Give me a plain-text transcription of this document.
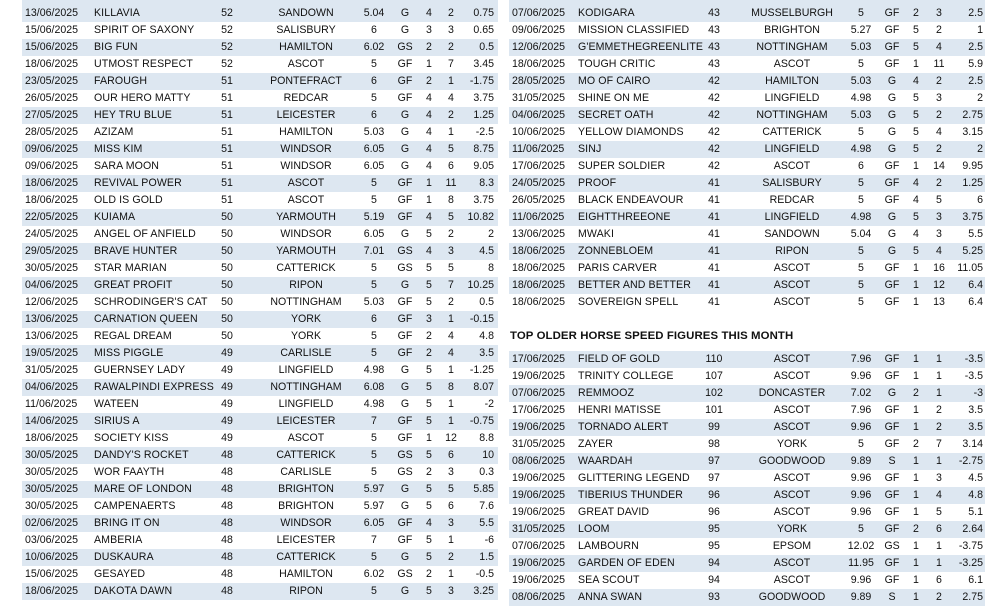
13/06/2025 KILLAVIA	52	SANDOWN	5.04	G	4	2	0.75
15/06/2025 SPIRIT OF SAXONY	52	SALISBURY	6	G	3	3	0.65
15/06/2025 BIG FUN	52	HAMILTON	6.02	GS	2	2	0.5
18/06/2025 UTMOST RESPECT	52	ASCOT	5	GF	1	7	3.45
23/05/2025 FAROUGH	51	PONTEFRACT	6	GF	2	1	-1.75
26/05/2025 OUR HERO MATTY	51	REDCAR	5	GF	4	4	3.75
27/05/2025 HEY TRU BLUE	51	LEICESTER	6	G	4	2	1.25
28/05/2025 AZIZAM	51	HAMILTON	5.03	G	4	1	-2.5
09/06/2025 MISS KIM	51	WINDSOR	6.05	G	4	5	8.75
09/06/2025 SARA MOON	51	WINDSOR	6.05	G	4	6	9.05
18/06/2025 REVIVAL POWER	51	ASCOT	5	GF	1	11	8.3
18/06/2025 OLD IS GOLD	51	ASCOT	5	GF	1	8	3.75
22/05/2025 KUIAMA	50	YARMOUTH	5.19	GF	4	5	10.82
24/05/2025 ANGEL OF ANFIELD	50	WINDSOR	6.05	G	5	2	2
29/05/2025 BRAVE HUNTER	50	YARMOUTH	7.01	GS	4	3	4.5
30/05/2025 STAR MARIAN	50	CATTERICK	5	GS	5	5	8
04/06/2025 GREAT PROFIT	50	RIPON	5	G	5	7	10.25
12/06/2025 SCHRODINGER'S CAT	50	NOTTINGHAM	5.03	GF	5	2	0.5
13/06/2025 CARNATION QUEEN	50	YORK	6	GF	3	1	-0.15
13/06/2025 REGAL DREAM	50	YORK	5	GF	2	4	4.8
19/05/2025 MISS PIGGLE	49	CARLISLE	5	GF	2	4	3.5
31/05/2025 GUERNSEY LADY	49	LINGFIELD	4.98	G	5	1	-1.25
04/06/2025 RAWALPINDI EXPRESS 49	NOTTINGHAM	6.08	G	5	8	8.07
11/06/2025 WATEEN	49	LINGFIELD	4.98	G	5	1	-2
14/06/2025 SIRIUS A	49	LEICESTER	7	GF	5	1	-0.75
18/06/2025 SOCIETY KISS	49	ASCOT	5	GF	1	12	8.8
30/05/2025 DANDY'S ROCKET	48	CATTERICK	5	GS	5	6	10
30/05/2025 WOR FAAYTH	48	CARLISLE	5	GS	2	3	0.3
30/05/2025 MARE OF LONDON	48	BRIGHTON	5.97	G	5	5	5.85
30/05/2025 CAMPENAERTS	48	BRIGHTON	5.97	G	5	6	7.6
02/06/2025 BRING IT ON	48	WINDSOR	6.05	GF	4	3	5.5
03/06/2025 AMBERIA	48	LEICESTER	7	GF	5	1	-6
10/06/2025 DUSKAURA	48	CATTERICK	5	G	5	2	1.5
15/06/2025 GESAYED	48	HAMILTON	6.02	GS	2	1	-0.5
18/06/2025 DAKOTA DAWN	48	RIPON	5	G	5	3	3.25
07/06/2025 KODIGARA	43	MUSSELBURGH	5	GF	2	3	2.5
09/06/2025 MISSION CLASSIFIED	43	BRIGHTON	5.27	GF	5	2	1
12/06/2025 G'EMMETHEGREENLITE 43	NOTTINGHAM	5.03	GF	5	4	2.5
18/06/2025 TOUGH CRITIC	43	ASCOT	5	GF	1	11	5.9
28/05/2025 MO OF CAIRO	42	HAMILTON	5.03	G	4	2	2.5
31/05/2025 SHINE ON ME	42	LINGFIELD	4.98	G	5	3	2
04/06/2025 SECRET OATH	42	NOTTINGHAM	5.03	G	5	2	2.75
10/06/2025 YELLOW DIAMONDS	42	CATTERICK	5	G	5	4	3.15
11/06/2025 SINJ	42	LINGFIELD	4.98	G	5	2	2
17/06/2025 SUPER SOLDIER	42	ASCOT	6	GF	1	14	9.95
24/05/2025 PROOF	41	SALISBURY	5	GF	4	2	1.25
26/05/2025 BLACK ENDEAVOUR	41	REDCAR	5	GF	4	5	6
11/06/2025 EIGHTTHREEONE	41	LINGFIELD	4.98	G	5	3	3.75
13/06/2025 MWAKI	41	SANDOWN	5.04	G	4	3	5.5
18/06/2025 ZONNEBLOEM	41	RIPON	5	G	5	4	5.25
18/06/2025 PARIS CARVER	41	ASCOT	5	GF	1	16	11.05
18/06/2025 BETTER AND BETTER	41	ASCOT	5	GF	1	12	6.4
18/06/2025 SOVEREIGN SPELL	41	ASCOT	5	GF	1	13	6.4
TOP OLDER HORSE SPEED FIGURES THIS MONTH
17/06/2025 FIELD OF GOLD	110	ASCOT	7.96	GF	1	1	-3.5
19/06/2025 TRINITY COLLEGE	107	ASCOT	9.96	GF	1	1	-3.5
07/06/2025 REMMOOZ	102	DONCASTER	7.02	G	2	1	-3
17/06/2025 HENRI MATISSE	101	ASCOT	7.96	GF	1	2	3.5
19/06/2025 TORNADO ALERT	99	ASCOT	9.96	GF	1	2	3.5
31/05/2025 ZAYER	98	YORK	5	GF	2	7	3.14
08/06/2025 WAARDAH	97	GOODWOOD	9.89	S	1	1	-2.75
19/06/2025 GLITTERING LEGEND	97	ASCOT	9.96	GF	1	3	4.5
19/06/2025 TIBERIUS THUNDER	96	ASCOT	9.96	GF	1	4	4.8
19/06/2025 GREAT DAVID	96	ASCOT	9.96	GF	1	5	5.1
31/05/2025 LOOM	95	YORK	5	GF	2	6	2.64
07/06/2025 LAMBOURN	95	EPSOM	12.02 GS	1	1	-3.75
19/06/2025 GARDEN OF EDEN	94	ASCOT	11.95	GF	1	1	-3.25
19/06/2025 SEA SCOUT	94	ASCOT	9.96	GF	1	6	6.1
08/06/2025 ANNA SWAN	93	GOODWOOD	9.89	S	1	2	2.75
